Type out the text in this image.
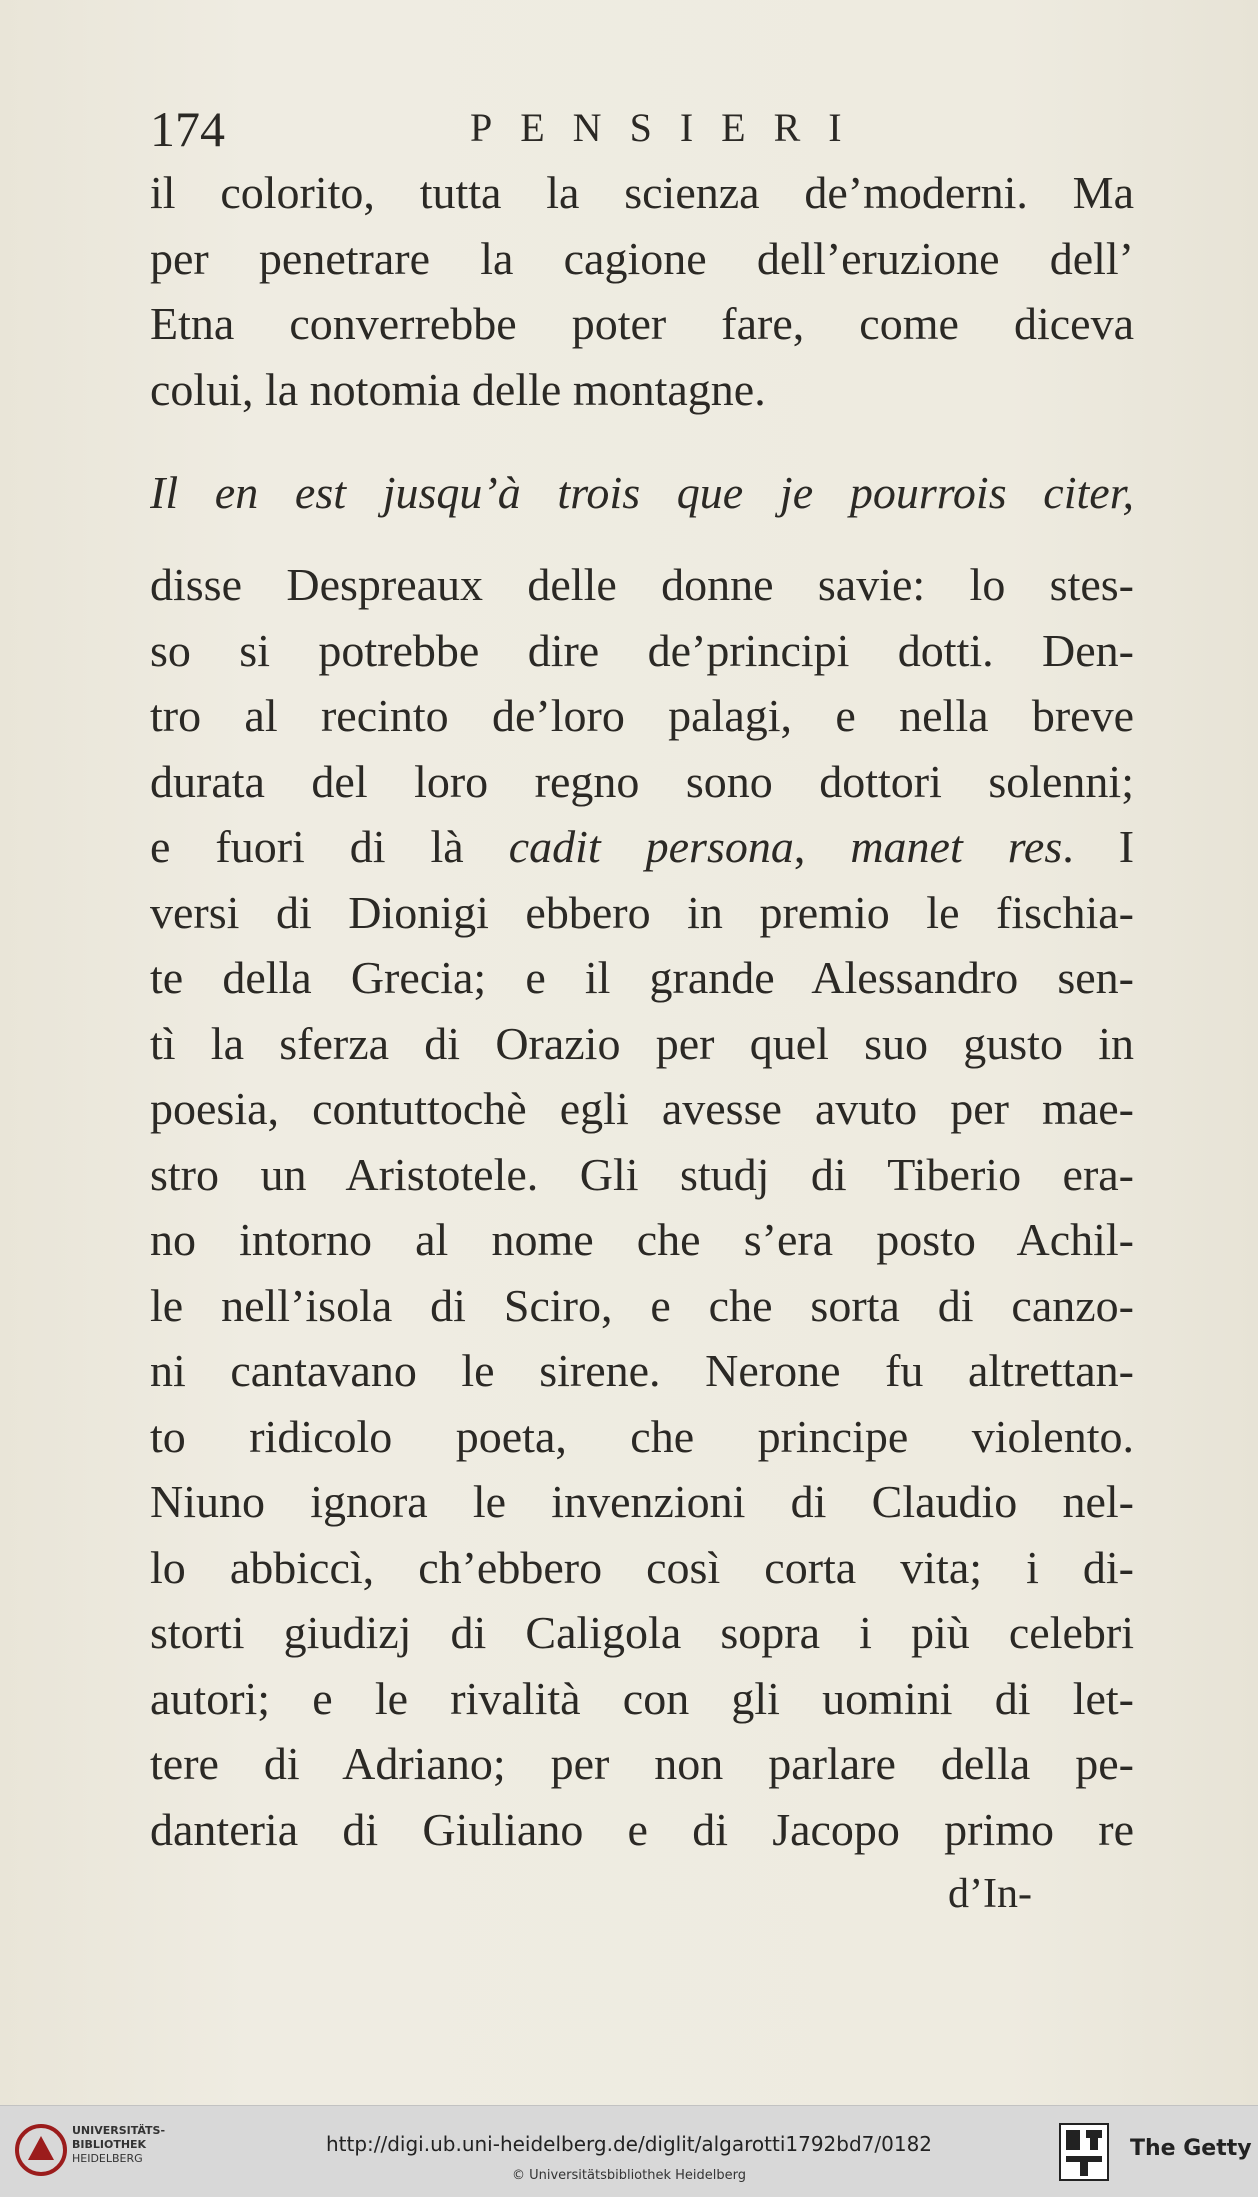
174	PENSIERI
il colorito, tutta la scienza de’moderni. Ma
per penetrare la cagione dell’eruzione dell’
Etna converrebbe poter fare, come diceva
colui, la notomia delle montagne.
Il en est jusqu’à trois que je pourrois citer,
disse Despreaux delle donne savie: lo stes-
so si potrebbe dire de’principi dotti. Den-
tro al recinto de’loro palagi, e nella breve
durata del loro regno sono dottori solenni;
e fuori di là cadit persona, manet res. I
versi di Dionigi ebbero in premio le fischia-
te della Grecia; e il grande Alessandro sen-
tì la sferza di Orazio per quel suo gusto in
poesia, contuttochè egli avesse avuto per mae-
stro un Aristotele. Gli studj di Tiberio era-
no intorno al nome che s’era posto Achil-
le nell’isola di Sciro, e che sorta di canzo-
ni cantavano le sirene. Nerone fu altrettan-
to ridicolo poeta, che principe violento.
Niuno ignora le invenzioni di Claudio nel-
lo abbiccì, ch’ebbero così corta vita; i di-
storti giudizj di Caligola sopra i più celebri
autori; e le rivalità con gli uomini di let-
tere di Adriano; per non parlare della pe-
danteria di Giuliano e di Jacopo primo re
d’In-
UNIVERSITÄTS-
BIBLIOTHEK
HEIDELBERG
http://digi.ub.uni-heidelberg.de/diglit/algarotti1792bd7/0182
© Universitätsbibliothek Heidelberg
The Getty
